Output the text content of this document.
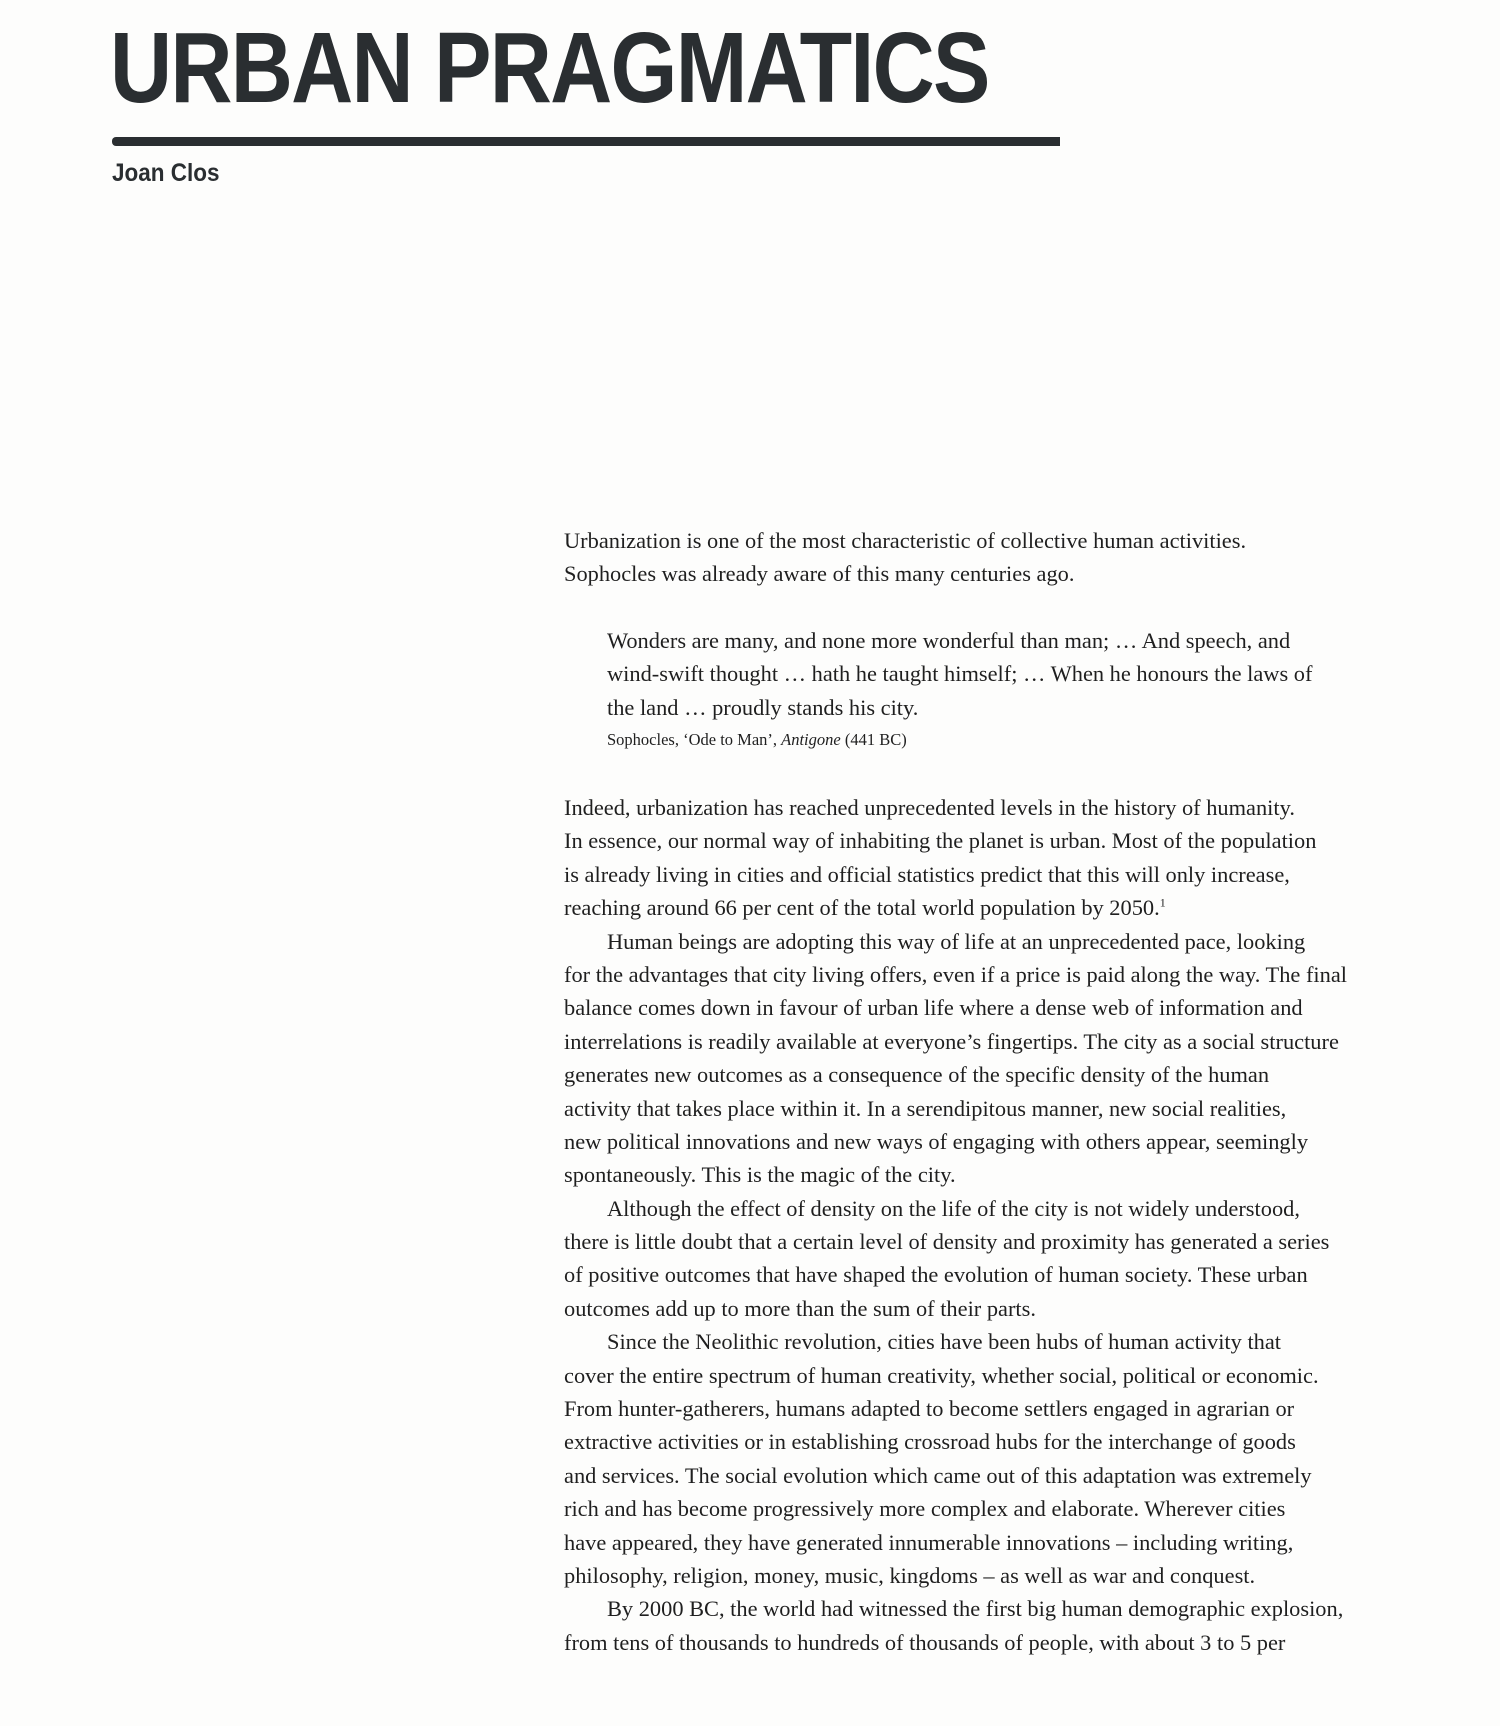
URBAN PRAGMATICS
Joan Clos
Urbanization is one of the most characteristic of collective human activities.
Sophocles was already aware of this many centuries ago.
Wonders are many, and none more wonderful than man; … And speech, and
wind-swift thought … hath he taught himself; … When he honours the laws of
the land … proudly stands his city.
Sophocles, ‘Ode to Man’, Antigone (441 BC)
Indeed, urbanization has reached unprecedented levels in the history of humanity.
In essence, our normal way of inhabiting the planet is urban. Most of the population
is already living in cities and official statistics predict that this will only increase,
reaching around 66 per cent of the total world population by 2050.$^1$
Human beings are adopting this way of life at an unprecedented pace, looking
for the advantages that city living offers, even if a price is paid along the way. The final
balance comes down in favour of urban life where a dense web of information and
interrelations is readily available at everyone’s fingertips. The city as a social structure
generates new outcomes as a consequence of the specific density of the human
activity that takes place within it. In a serendipitous manner, new social realities,
new political innovations and new ways of engaging with others appear, seemingly
spontaneously. This is the magic of the city.
Although the effect of density on the life of the city is not widely understood,
there is little doubt that a certain level of density and proximity has generated a series
of positive outcomes that have shaped the evolution of human society. These urban
outcomes add up to more than the sum of their parts.
Since the Neolithic revolution, cities have been hubs of human activity that
cover the entire spectrum of human creativity, whether social, political or economic.
From hunter-gatherers, humans adapted to become settlers engaged in agrarian or
extractive activities or in establishing crossroad hubs for the interchange of goods
and services. The social evolution which came out of this adaptation was extremely
rich and has become progressively more complex and elaborate. Wherever cities
have appeared, they have generated innumerable innovations – including writing,
philosophy, religion, money, music, kingdoms – as well as war and conquest.
By 2000 BC, the world had witnessed the first big human demographic explosion,
from tens of thousands to hundreds of thousands of people, with about 3 to 5 per
